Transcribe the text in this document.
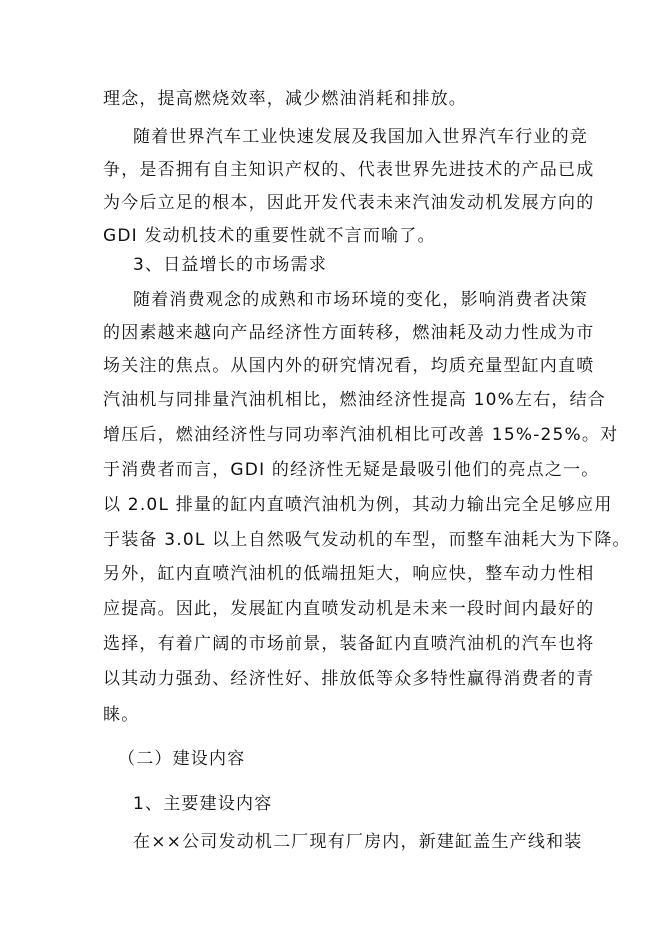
理念，提高燃烧效率，减少燃油消耗和排放。
随着世界汽车工业快速发展及我国加入世界汽车行业的竞
争，是否拥有自主知识产权的、代表世界先进技术的产品已成
为今后立足的根本，因此开发代表未来汽油发动机发展方向的
GDI 发动机技术的重要性就不言而喻了。
3、日益增长的市场需求
随着消费观念的成熟和市场环境的变化，影响消费者决策
的因素越来越向产品经济性方面转移，燃油耗及动力性成为市
场关注的焦点。从国内外的研究情况看，均质充量型缸内直喷
汽油机与同排量汽油机相比，燃油经济性提高 10%左右，结合
增压后，燃油经济性与同功率汽油机相比可改善 15%-25%。对
于消费者而言，GDI 的经济性无疑是最吸引他们的亮点之一。
以 2.0L 排量的缸内直喷汽油机为例，其动力输出完全足够应用
于装备 3.0L 以上自然吸气发动机的车型，而整车油耗大为下降。
另外，缸内直喷汽油机的低端扭矩大，响应快，整车动力性相
应提高。因此，发展缸内直喷发动机是未来一段时间内最好的
选择，有着广阔的市场前景，装备缸内直喷汽油机的汽车也将
以其动力强劲、经济性好、排放低等众多特性赢得消费者的青
睐。
（二）建设内容
1、主要建设内容
在××公司发动机二厂现有厂房内，新建缸盖生产线和装
